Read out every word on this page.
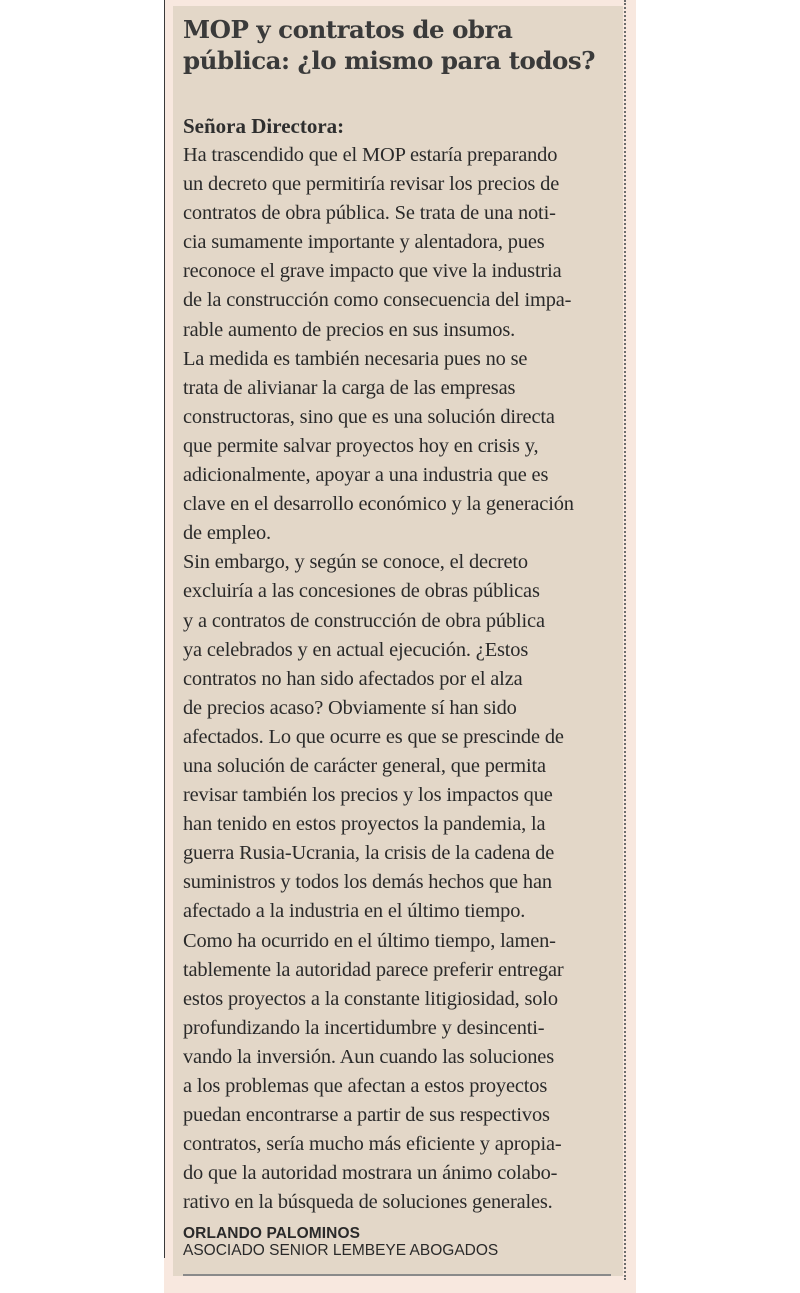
MOP y contratos de obra
pública: ¿lo mismo para todos?
Señora Directora:

Ha trascendido que el MOP estaría preparando
un decreto que permitiría revisar los precios de
contratos de obra pública. Se trata de una noti-
cia sumamente importante y alentadora, pues
reconoce el grave impacto que vive la industria
de la construcción como consecuencia del impa-
rable aumento de precios en sus insumos.

La medida es también necesaria pues no se
trata de alivianar la carga de las empresas
constructoras, sino que es una solución directa
que permite salvar proyectos hoy en crisis y,
adicionalmente, apoyar a una industria que es
clave en el desarrollo económico y la generación
de empleo.

Sin embargo, y según se conoce, el decreto
excluiría a las concesiones de obras públicas
y a contratos de construcción de obra pública
ya celebrados y en actual ejecución. ¿Estos
contratos no han sido afectados por el alza
de precios acaso? Obviamente sí han sido
afectados. Lo que ocurre es que se prescinde de
una solución de carácter general, que permita
revisar también los precios y los impactos que
han tenido en estos proyectos la pandemia, la
guerra Rusia-Ucrania, la crisis de la cadena de
suministros y todos los demás hechos que han
afectado a la industria en el último tiempo.

Como ha ocurrido en el último tiempo, lamen-
tablemente la autoridad parece preferir entregar
estos proyectos a la constante litigiosidad, solo
profundizando la incertidumbre y desincenti-
vando la inversión. Aun cuando las soluciones
a los problemas que afectan a estos proyectos
puedan encontrarse a partir de sus respectivos
contratos, sería mucho más eficiente y apropia-
do que la autoridad mostrara un ánimo colabo-
rativo en la búsqueda de soluciones generales.

ORLANDO PALOMINOS
ASOCIADO SENIOR LEMBEYE ABOGADOS
